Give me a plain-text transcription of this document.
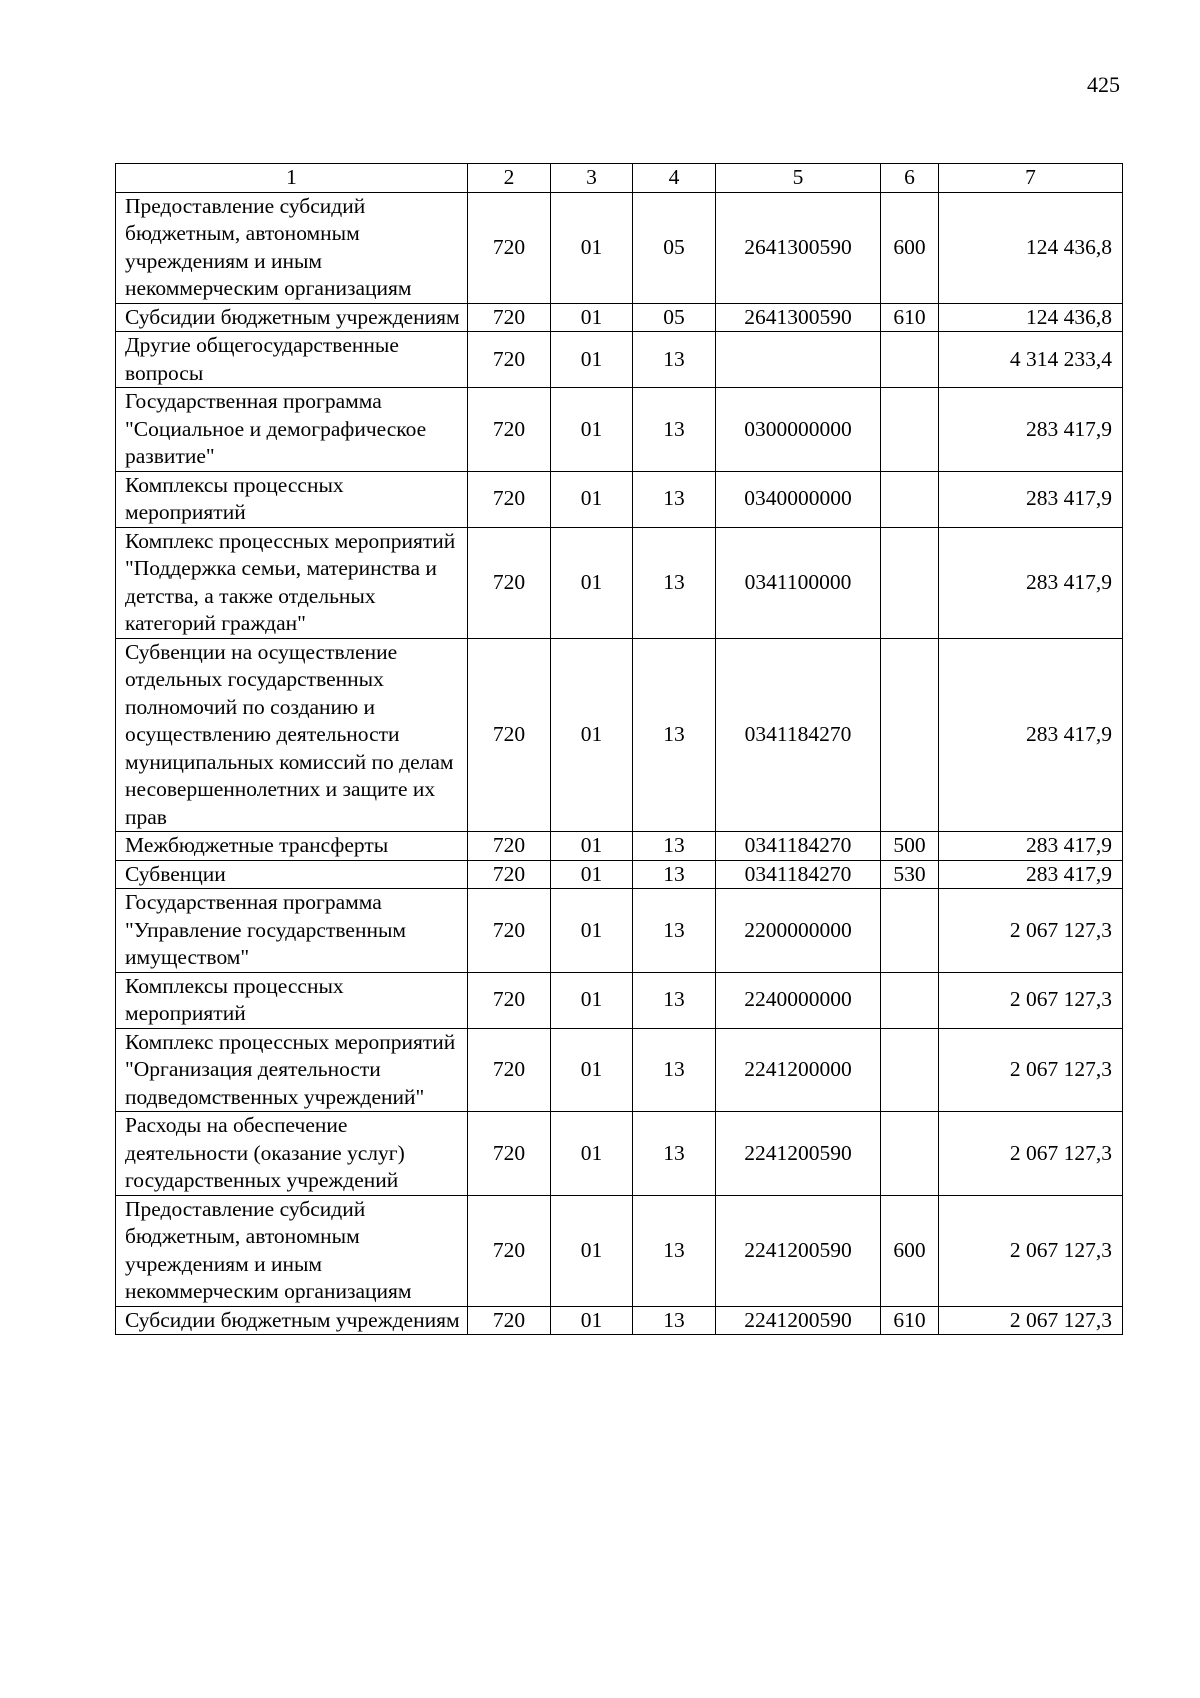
425
1	2	3	4	5	6	7
Предоставление субсидий бюджетным, автономным учреждениям и иным некоммерческим организациям	720	01	05	2641300590	600	124 436,8
Субсидии бюджетным учреждениям	720	01	05	2641300590	610	124 436,8
Другие общегосударственные вопросы	720	01	13			4 314 233,4
Государственная программа "Социальное и демографическое развитие"	720	01	13	0300000000		283 417,9
Комплексы процессных мероприятий	720	01	13	0340000000		283 417,9
Комплекс процессных мероприятий "Поддержка семьи, материнства и детства, а также отдельных категорий граждан"	720	01	13	0341100000		283 417,9
Субвенции на осуществление отдельных государственных полномочий по созданию и осуществлению деятельности муниципальных комиссий по делам несовершеннолетних и защите их прав	720	01	13	0341184270		283 417,9
Межбюджетные трансферты	720	01	13	0341184270	500	283 417,9
Субвенции	720	01	13	0341184270	530	283 417,9
Государственная программа "Управление государственным имуществом"	720	01	13	2200000000		2 067 127,3
Комплексы процессных мероприятий	720	01	13	2240000000		2 067 127,3
Комплекс процессных мероприятий "Организация деятельности подведомственных учреждений"	720	01	13	2241200000		2 067 127,3
Расходы на обеспечение деятельности (оказание услуг) государственных учреждений	720	01	13	2241200590		2 067 127,3
Предоставление субсидий бюджетным, автономным учреждениям и иным некоммерческим организациям	720	01	13	2241200590	600	2 067 127,3
Субсидии бюджетным учреждениям	720	01	13	2241200590	610	2 067 127,3
